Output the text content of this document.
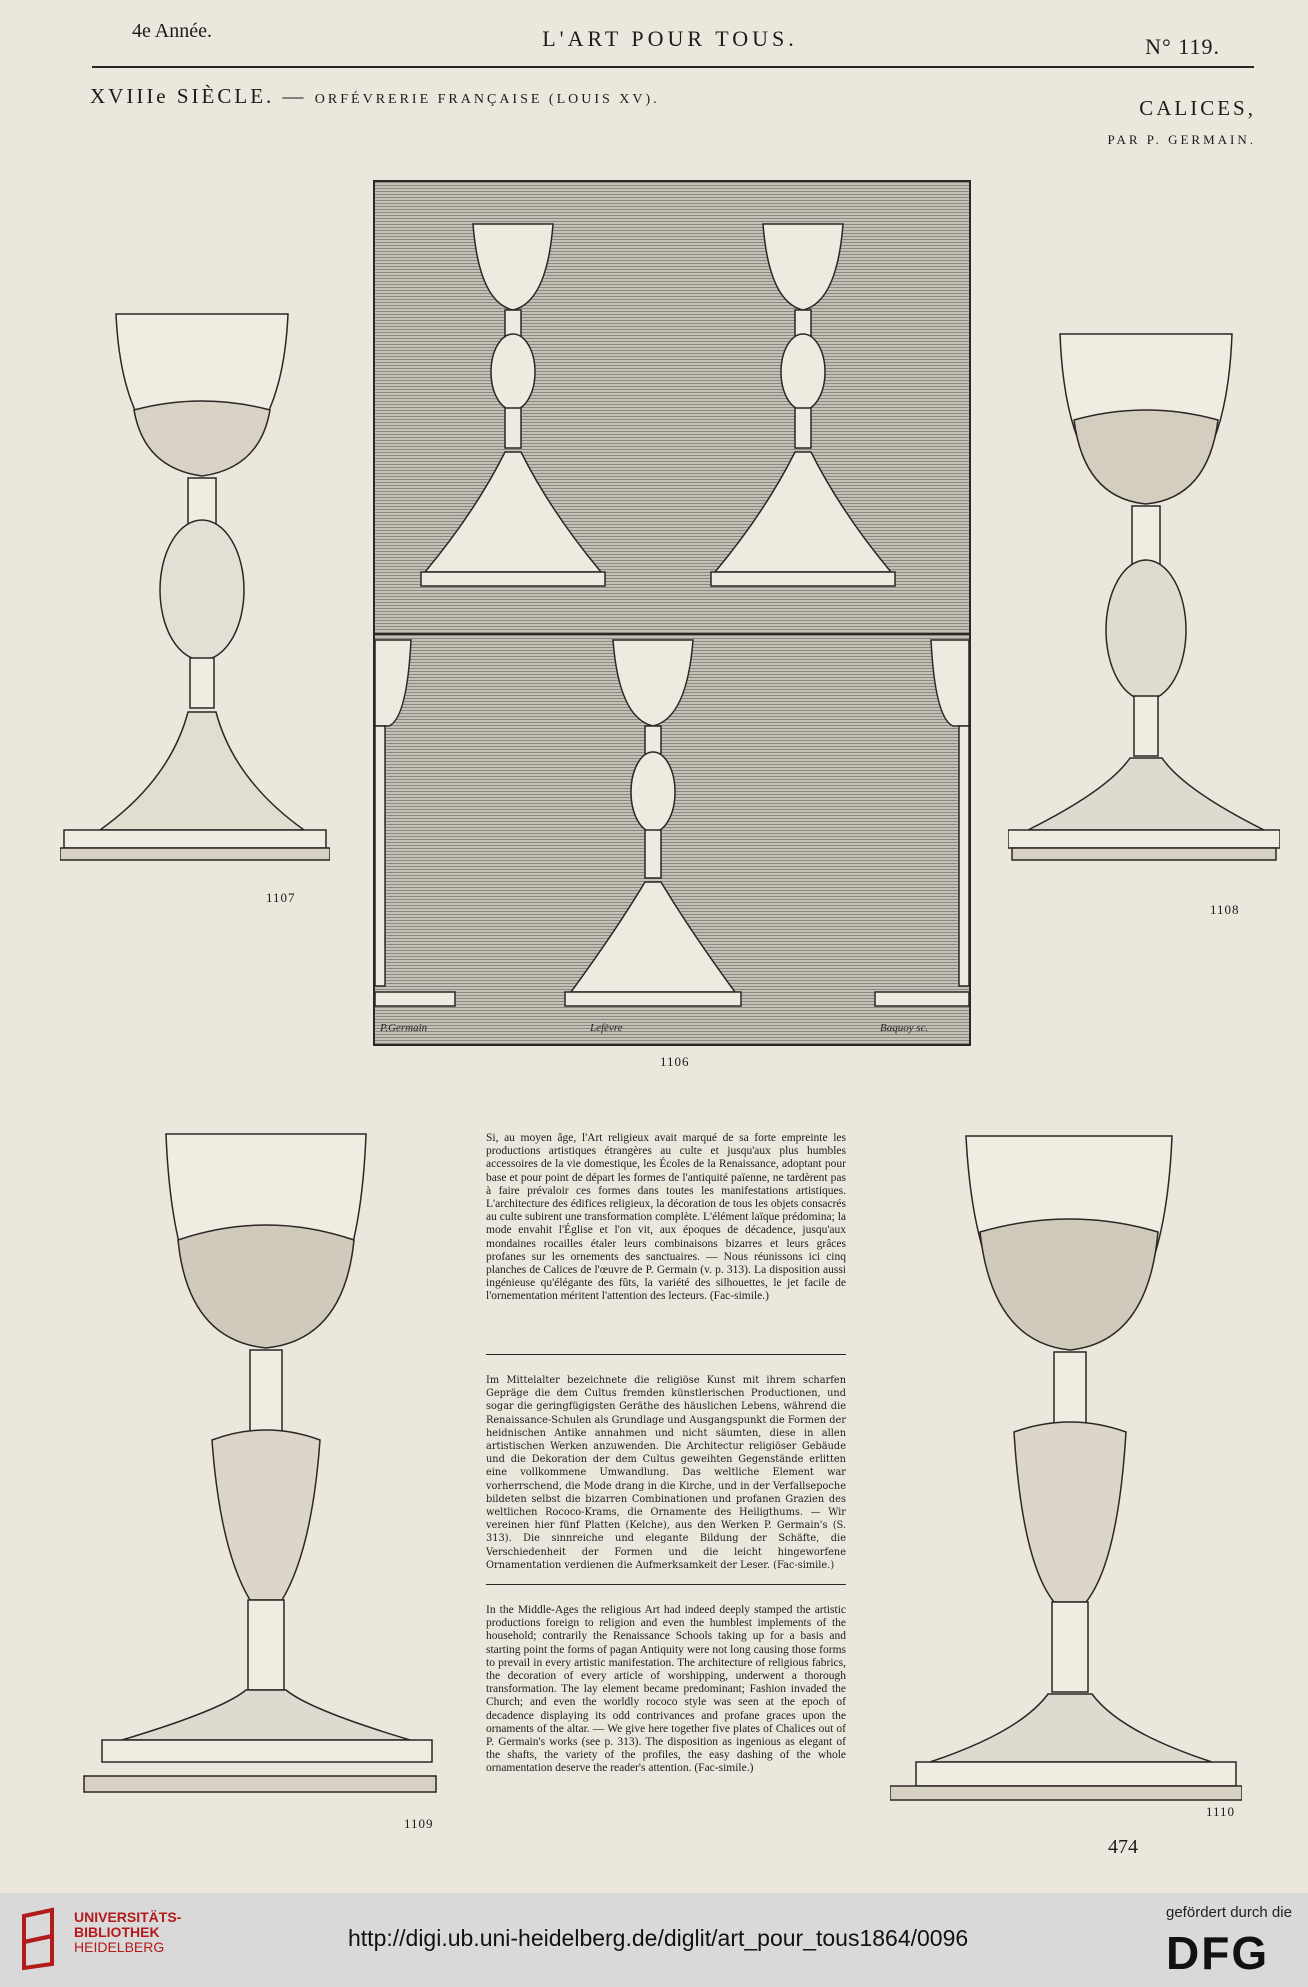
4e Année.	L'ART POUR TOUS.	N° 119.
XVIIIe SIÈCLE. — ORFÉVRERIE FRANÇAISE (LOUIS XV).	CALICES,
PAR P. GERMAIN.
P.Germain	Lefèvre	Baquoy sc.
1106
1107
1108
1109
1110
Si, au moyen âge, l'Art religieux avait marqué de sa forte empreinte les productions artistiques étrangères au culte et jusqu'aux plus humbles accessoires de la vie domestique, les Écoles de la Renaissance, adoptant pour base et pour point de départ les formes de l'antiquité païenne, ne tardèrent pas à faire prévaloir ces formes dans toutes les manifestations artistiques. L'architecture des édifices religieux, la décoration de tous les objets consacrés au culte subirent une transformation complète. L'élément laïque prédomina; la mode envahit l'Église et l'on vit, aux époques de décadence, jusqu'aux mondaines rocailles étaler leurs combinaisons bizarres et leurs grâces profanes sur les ornements des sanctuaires. — Nous réunissons ici cinq planches de Calices de l'œuvre de P. Germain (v. p. 313). La disposition aussi ingénieuse qu'élégante des fûts, la variété des silhouettes, le jet facile de l'ornementation méritent l'attention des lecteurs. (Fac-simile.)
Im Mittelalter bezeichnete die religiöse Kunst mit ihrem scharfen Gepräge die dem Cultus fremden künstlerischen Productionen, und sogar die geringfügigsten Geräthe des häuslichen Lebens, während die Renaissance-Schulen als Grundlage und Ausgangspunkt die Formen der heidnischen Antike annahmen und nicht säumten, diese in allen artistischen Werken anzuwenden. Die Architectur religiöser Gebäude und die Dekoration der dem Cultus geweihten Gegenstände erlitten eine vollkommene Umwandlung. Das weltliche Element war vorherrschend, die Mode drang in die Kirche, und in der Verfallsepoche bildeten selbst die bizarren Combinationen und profanen Grazien des weltlichen Rococo-Krams, die Ornamente des Heiligthums. — Wir vereinen hier fünf Platten (Kelche), aus den Werken P. Germain's (S. 313). Die sinnreiche und elegante Bildung der Schäfte, die Verschiedenheit der Formen und die leicht hingeworfene Ornamentation verdienen die Aufmerksamkeit der Leser. (Fac-simile.)
In the Middle-Ages the religious Art had indeed deeply stamped the artistic productions foreign to religion and even the humblest implements of the household; contrarily the Renaissance Schools taking up for a basis and starting point the forms of pagan Antiquity were not long causing those forms to prevail in every artistic manifestation. The architecture of religious fabrics, the decoration of every article of worshipping, underwent a thorough transformation. The lay element became predominant; Fashion invaded the Church; and even the worldly rococo style was seen at the epoch of decadence displaying its odd contrivances and profane graces upon the ornaments of the altar. — We give here together five plates of Chalices out of P. Germain's works (see p. 313). The disposition as ingenious as elegant of the shafts, the variety of the profiles, the easy dashing of the whole ornamentation deserve the reader's attention. (Fac-simile.)
474
UNIVERSITÄTS-
BIBLIOTHEK
HEIDELBERG	http://digi.ub.uni-heidelberg.de/diglit/art_pour_tous1864/0096
gefördert durch die
DFG
